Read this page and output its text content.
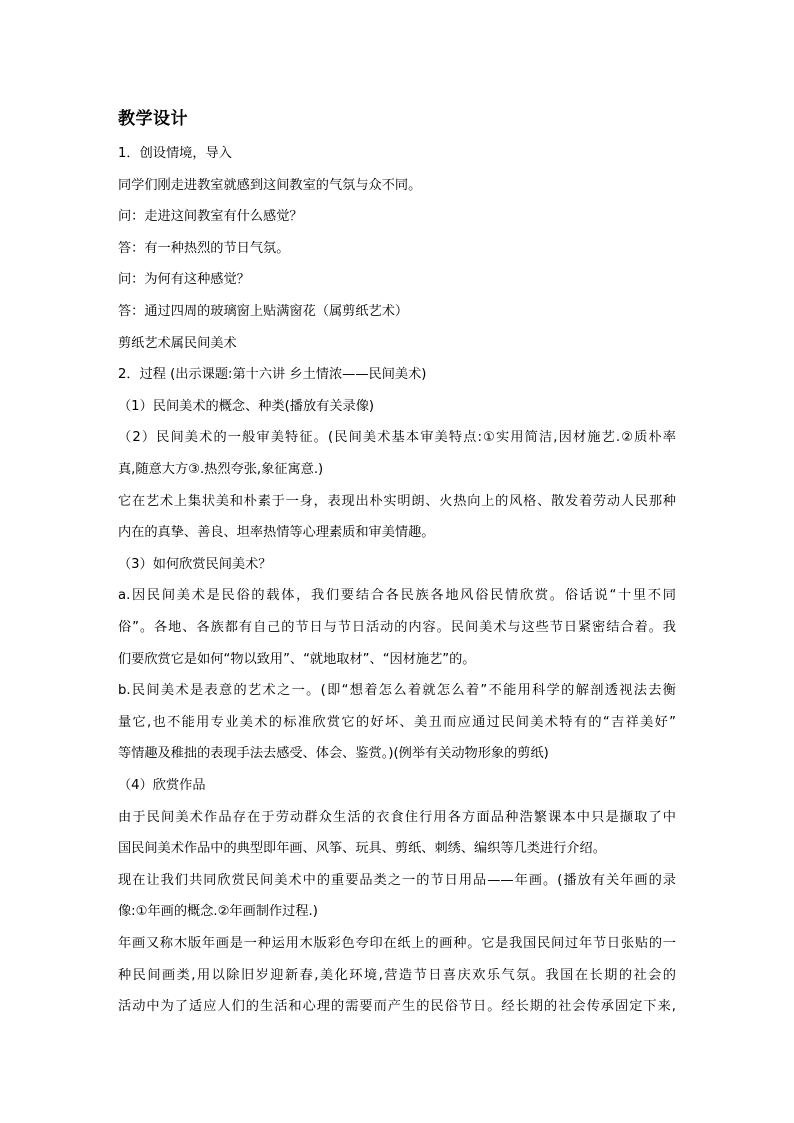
教学设计
1．创设情境，导入
同学们刚走进教室就感到这间教室的气氛与众不同。
问：走进这间教室有什么感觉？
答：有一种热烈的节日气氛。
问：为何有这种感觉？
答：通过四周的玻璃窗上贴满窗花（属剪纸艺术）
剪纸艺术属民间美术
2．过程 (出示课题:第十六讲 乡土情浓——民间美术)
（1）民间美术的概念、种类(播放有关录像)
（2）民间美术的一般审美特征。(民间美术基本审美特点:①实用简洁,因材施艺.②质朴率
真,随意大方③.热烈夸张,象征寓意.)
它在艺术上集状美和朴素于一身，表现出朴实明朗、火热向上的风格、散发着劳动人民那种
内在的真挚、善良、坦率热情等心理素质和审美情趣。
（3）如何欣赏民间美术？
a.因民间美术是民俗的载体，我们要结合各民族各地风俗民情欣赏。俗话说“十里不同
俗”。各地、各族都有自己的节日与节日活动的内容。民间美术与这些节日紧密结合着。我
们要欣赏它是如何“物以致用”、“就地取材”、“因材施艺”的。
b.民间美术是表意的艺术之一。(即“想着怎么着就怎么着”不能用科学的解剖透视法去衡
量它,也不能用专业美术的标准欣赏它的好坏、美丑而应通过民间美术特有的“吉祥美好”
等情趣及稚拙的表现手法去感受、体会、鉴赏。)(例举有关动物形象的剪纸)
（4）欣赏作品
由于民间美术作品存在于劳动群众生活的衣食住行用各方面品种浩繁课本中只是撷取了中
国民间美术作品中的典型即年画、风筝、玩具、剪纸、刺绣、编织等几类进行介绍。
现在让我们共同欣赏民间美术中的重要品类之一的节日用品——年画。(播放有关年画的录
像:①年画的概念.②年画制作过程.)
年画又称木版年画是一种运用木版彩色夸印在纸上的画种。它是我国民间过年节日张贴的一
种民间画类,用以除旧岁迎新春,美化环境,营造节日喜庆欢乐气氛。我国在长期的社会的
活动中为了适应人们的生活和心理的需要而产生的民俗节日。经长期的社会传承固定下来,
